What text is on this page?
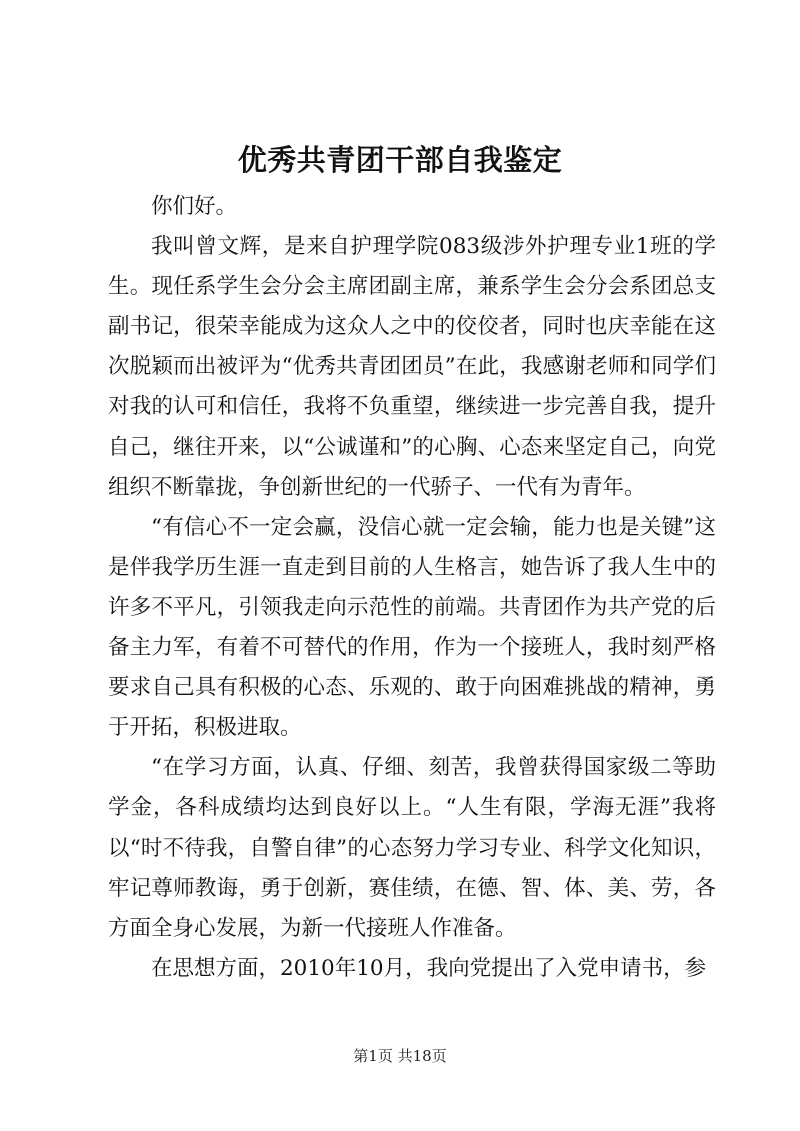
优秀共青团干部自我鉴定

你们好。

我叫曾文辉，是来自护理学院083级涉外护理专业1班的学生。现任系学生会分会主席团副主席，兼系学生会分会系团总支副书记，很荣幸能成为这众人之中的佼佼者，同时也庆幸能在这次脱颖而出被评为“优秀共青团团员”在此，我感谢老师和同学们对我的认可和信任，我将不负重望，继续进一步完善自我，提升自己，继往开来，以“公诚谨和”的心胸、心态来坚定自己，向党组织不断靠拢，争创新世纪的一代骄子、一代有为青年。

“有信心不一定会赢，没信心就一定会输，能力也是关键”这是伴我学历生涯一直走到目前的人生格言，她告诉了我人生中的许多不平凡，引领我走向示范性的前端。共青团作为共产党的后备主力军，有着不可替代的作用，作为一个接班人，我时刻严格要求自己具有积极的心态、乐观的、敢于向困难挑战的精神，勇于开拓，积极进取。

“在学习方面，认真、仔细、刻苦，我曾获得国家级二等助学金，各科成绩均达到良好以上。“人生有限，学海无涯”我将以“时不待我，自警自律”的心态努力学习专业、科学文化知识，牢记尊师教诲，勇于创新，赛佳绩，在德、智、体、美、劳，各方面全身心发展，为新一代接班人作准备。

在思想方面，2010年10月，我向党提出了入党申请书，参

第1页 共18页
